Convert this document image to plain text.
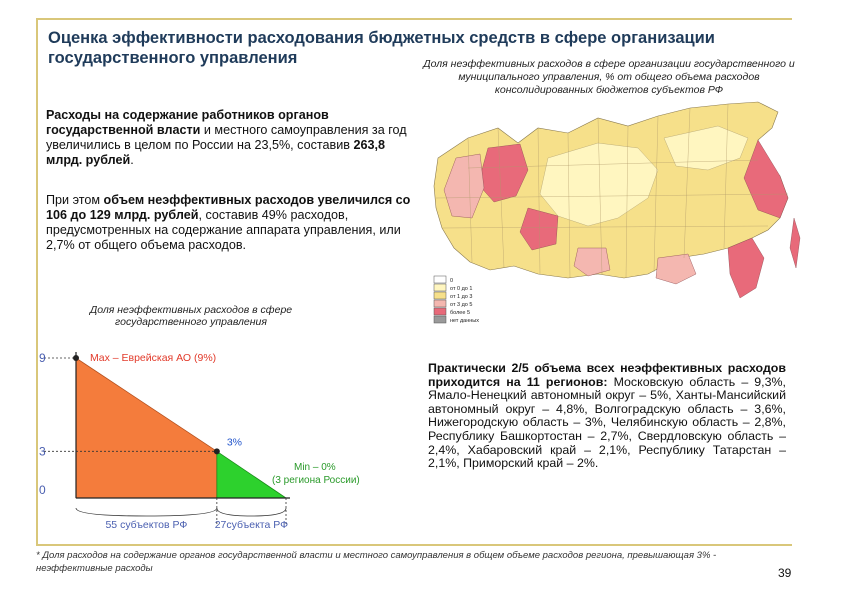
Оценка эффективности расходования бюджетных средств в сфере организации государственного управления	Доля неэффективных расходов в сфере организации государственного и муниципального управления, % от общего объема расходов консолидированных бюджетов субъектов РФ
0
от 0 до 1
от 1 до 3
от 3 до 5
более 5
нет данных
Расходы на содержание работников органов государственной власти и местного самоуправления за год увеличились в целом по России на 23,5%, составив 263,8 млрд. рублей.
При этом объем неэффективных расходов увеличился со 106 до 129 млрд. рублей, составив 49% расходов, предусмотренных на содержание аппарата управления, или 2,7% от общего объема расходов.
Доля неэффективных расходов в сфере государственного управления
9
3
0
Max – Еврейская АО (9%)
3%
Min – 0%
(3 региона России)
55 субъектов РФ	27субъекта РФ
Практически 2/5 объема всех неэффективных расходов приходится на 11 регионов: Московскую область – 9,3%, Ямало-Ненецкий автономный округ – 5%, Ханты-Мансийский автономный округ – 4,8%, Волгоградскую область – 3,6%, Нижегородскую область – 3%, Челябинскую область – 2,8%, Республику Башкортостан – 2,7%, Свердловскую область – 2,4%, Хабаровский край – 2,1%, Республику Татарстан – 2,1%, Приморский край – 2%.
* Доля расходов на содержание органов государственной власти и местного самоуправления в общем объеме расходов региона, превышающая 3% - неэффективные расходы	39
